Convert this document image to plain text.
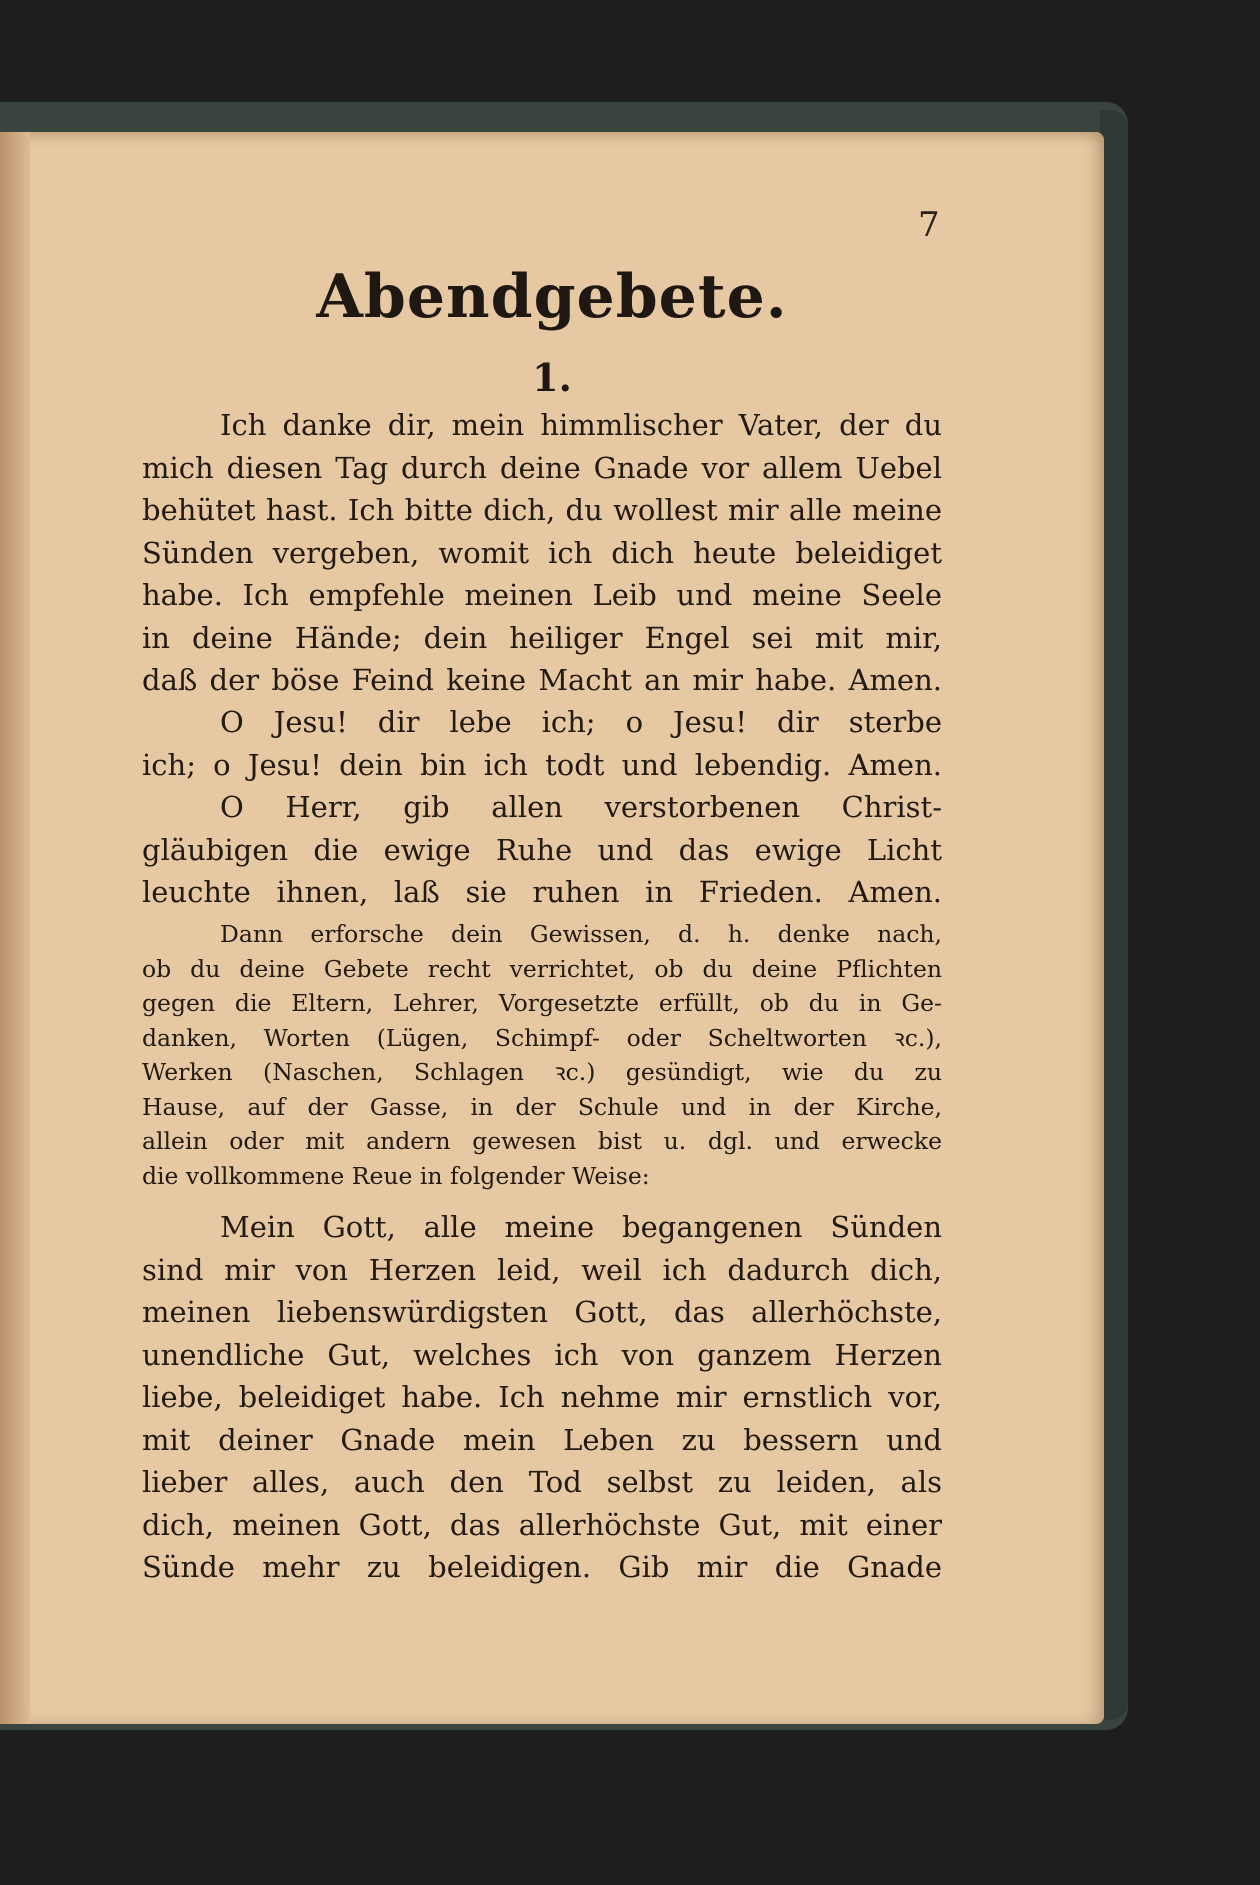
7
Abendgebete.
1.
Ich danke dir, mein himmlischer Vater, der du
mich diesen Tag durch deine Gnade vor allem Uebel
behütet hast. Ich bitte dich, du wollest mir alle meine
Sünden vergeben, womit ich dich heute beleidiget
habe. Ich empfehle meinen Leib und meine Seele
in deine Hände; dein heiliger Engel sei mit mir,
daß der böse Feind keine Macht an mir habe. Amen.
O Jesu! dir lebe ich; o Jesu! dir sterbe
ich; o Jesu! dein bin ich todt und lebendig. Amen.
O Herr, gib allen verstorbenen Christ-
gläubigen die ewige Ruhe und das ewige Licht
leuchte ihnen, laß sie ruhen in Frieden. Amen.
Dann erforsche dein Gewissen, d. h. denke nach,
ob du deine Gebete recht verrichtet, ob du deine Pflichten
gegen die Eltern, Lehrer, Vorgesetzte erfüllt, ob du in Ge-
danken, Worten (Lügen, Schimpf- oder Scheltworten ꝛc.),
Werken (Naschen, Schlagen ꝛc.) gesündigt, wie du zu
Hause, auf der Gasse, in der Schule und in der Kirche,
allein oder mit andern gewesen bist u. dgl. und erwecke
die vollkommene Reue in folgender Weise:
Mein Gott, alle meine begangenen Sünden
sind mir von Herzen leid, weil ich dadurch dich,
meinen liebenswürdigsten Gott, das allerhöchste,
unendliche Gut, welches ich von ganzem Herzen
liebe, beleidiget habe. Ich nehme mir ernstlich vor,
mit deiner Gnade mein Leben zu bessern und
lieber alles, auch den Tod selbst zu leiden, als
dich, meinen Gott, das allerhöchste Gut, mit einer
Sünde mehr zu beleidigen. Gib mir die Gnade
